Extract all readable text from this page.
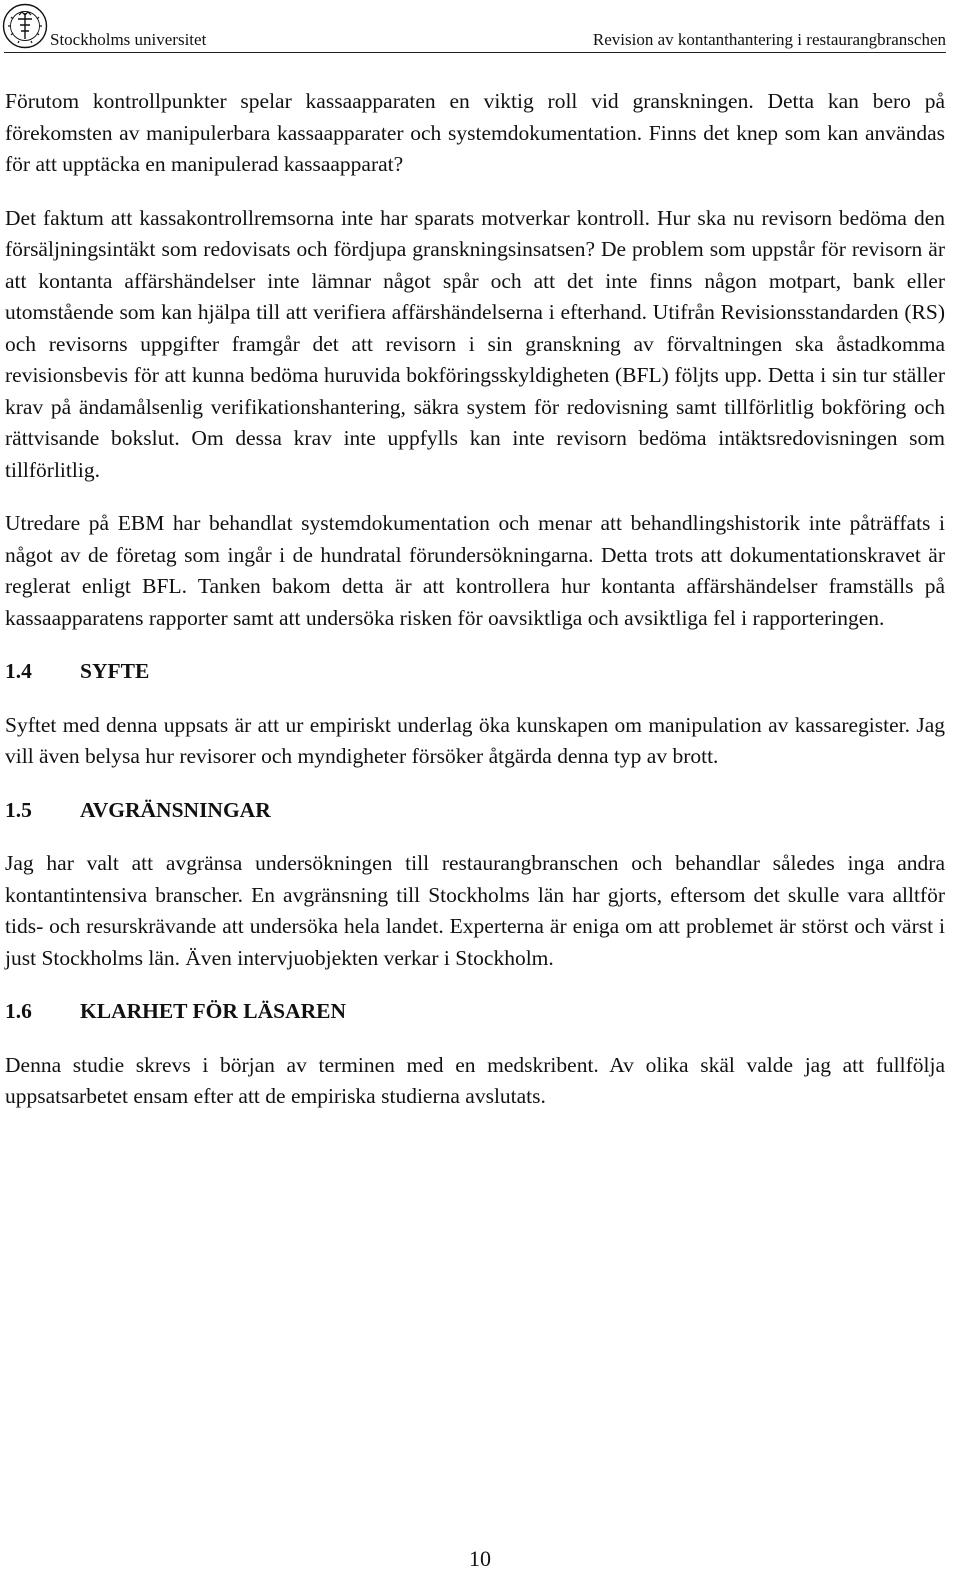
Stockholms universitet	Revision av kontanthantering i restaurangbranschen

Förutom kontrollpunkter spelar kassaapparaten en viktig roll vid granskningen. Detta kan bero på förekomsten av manipulerbara kassaapparater och systemdokumentation. Finns det knep som kan användas för att upptäcka en manipulerad kassaapparat?

Det faktum att kassakontrollremsorna inte har sparats motverkar kontroll. Hur ska nu revisorn bedöma den försäljningsintäkt som redovisats och fördjupa granskningsinsatsen? De problem som uppstår för revisorn är att kontanta affärshändelser inte lämnar något spår och att det inte finns någon motpart, bank eller utomstående som kan hjälpa till att verifiera affärshändelserna i efterhand. Utifrån Revisionsstandarden (RS) och revisorns uppgifter framgår det att revisorn i sin granskning av förvaltningen ska åstadkomma revisionsbevis för att kunna bedöma huruvida bokföringsskyldigheten (BFL) följts upp. Detta i sin tur ställer krav på ändamålsenlig verifikationshantering, säkra system för redovisning samt tillförlitlig bokföring och rättvisande bokslut. Om dessa krav inte uppfylls kan inte revisorn bedöma intäktsredovisningen som tillförlitlig.

Utredare på EBM har behandlat systemdokumentation och menar att behandlingshistorik inte påträffats i något av de företag som ingår i de hundratal förundersökningarna. Detta trots att dokumentationskravet är reglerat enligt BFL. Tanken bakom detta är att kontrollera hur kontanta affärshändelser framställs på kassaapparatens rapporter samt att undersöka risken för oavsiktliga och avsiktliga fel i rapporteringen.

1.4 SYFTE

Syftet med denna uppsats är att ur empiriskt underlag öka kunskapen om manipulation av kassaregister. Jag vill även belysa hur revisorer och myndigheter försöker åtgärda denna typ av brott.

1.5 AVGRÄNSNINGAR

Jag har valt att avgränsa undersökningen till restaurangbranschen och behandlar således inga andra kontantintensiva branscher. En avgränsning till Stockholms län har gjorts, eftersom det skulle vara alltför tids- och resurskrävande att undersöka hela landet. Experterna är eniga om att problemet är störst och värst i just Stockholms län. Även intervjuobjekten verkar i Stockholm.

1.6 KLARHET FÖR LÄSAREN

Denna studie skrevs i början av terminen med en medskribent. Av olika skäl valde jag att fullfölja uppsatsarbetet ensam efter att de empiriska studierna avslutats.

10
